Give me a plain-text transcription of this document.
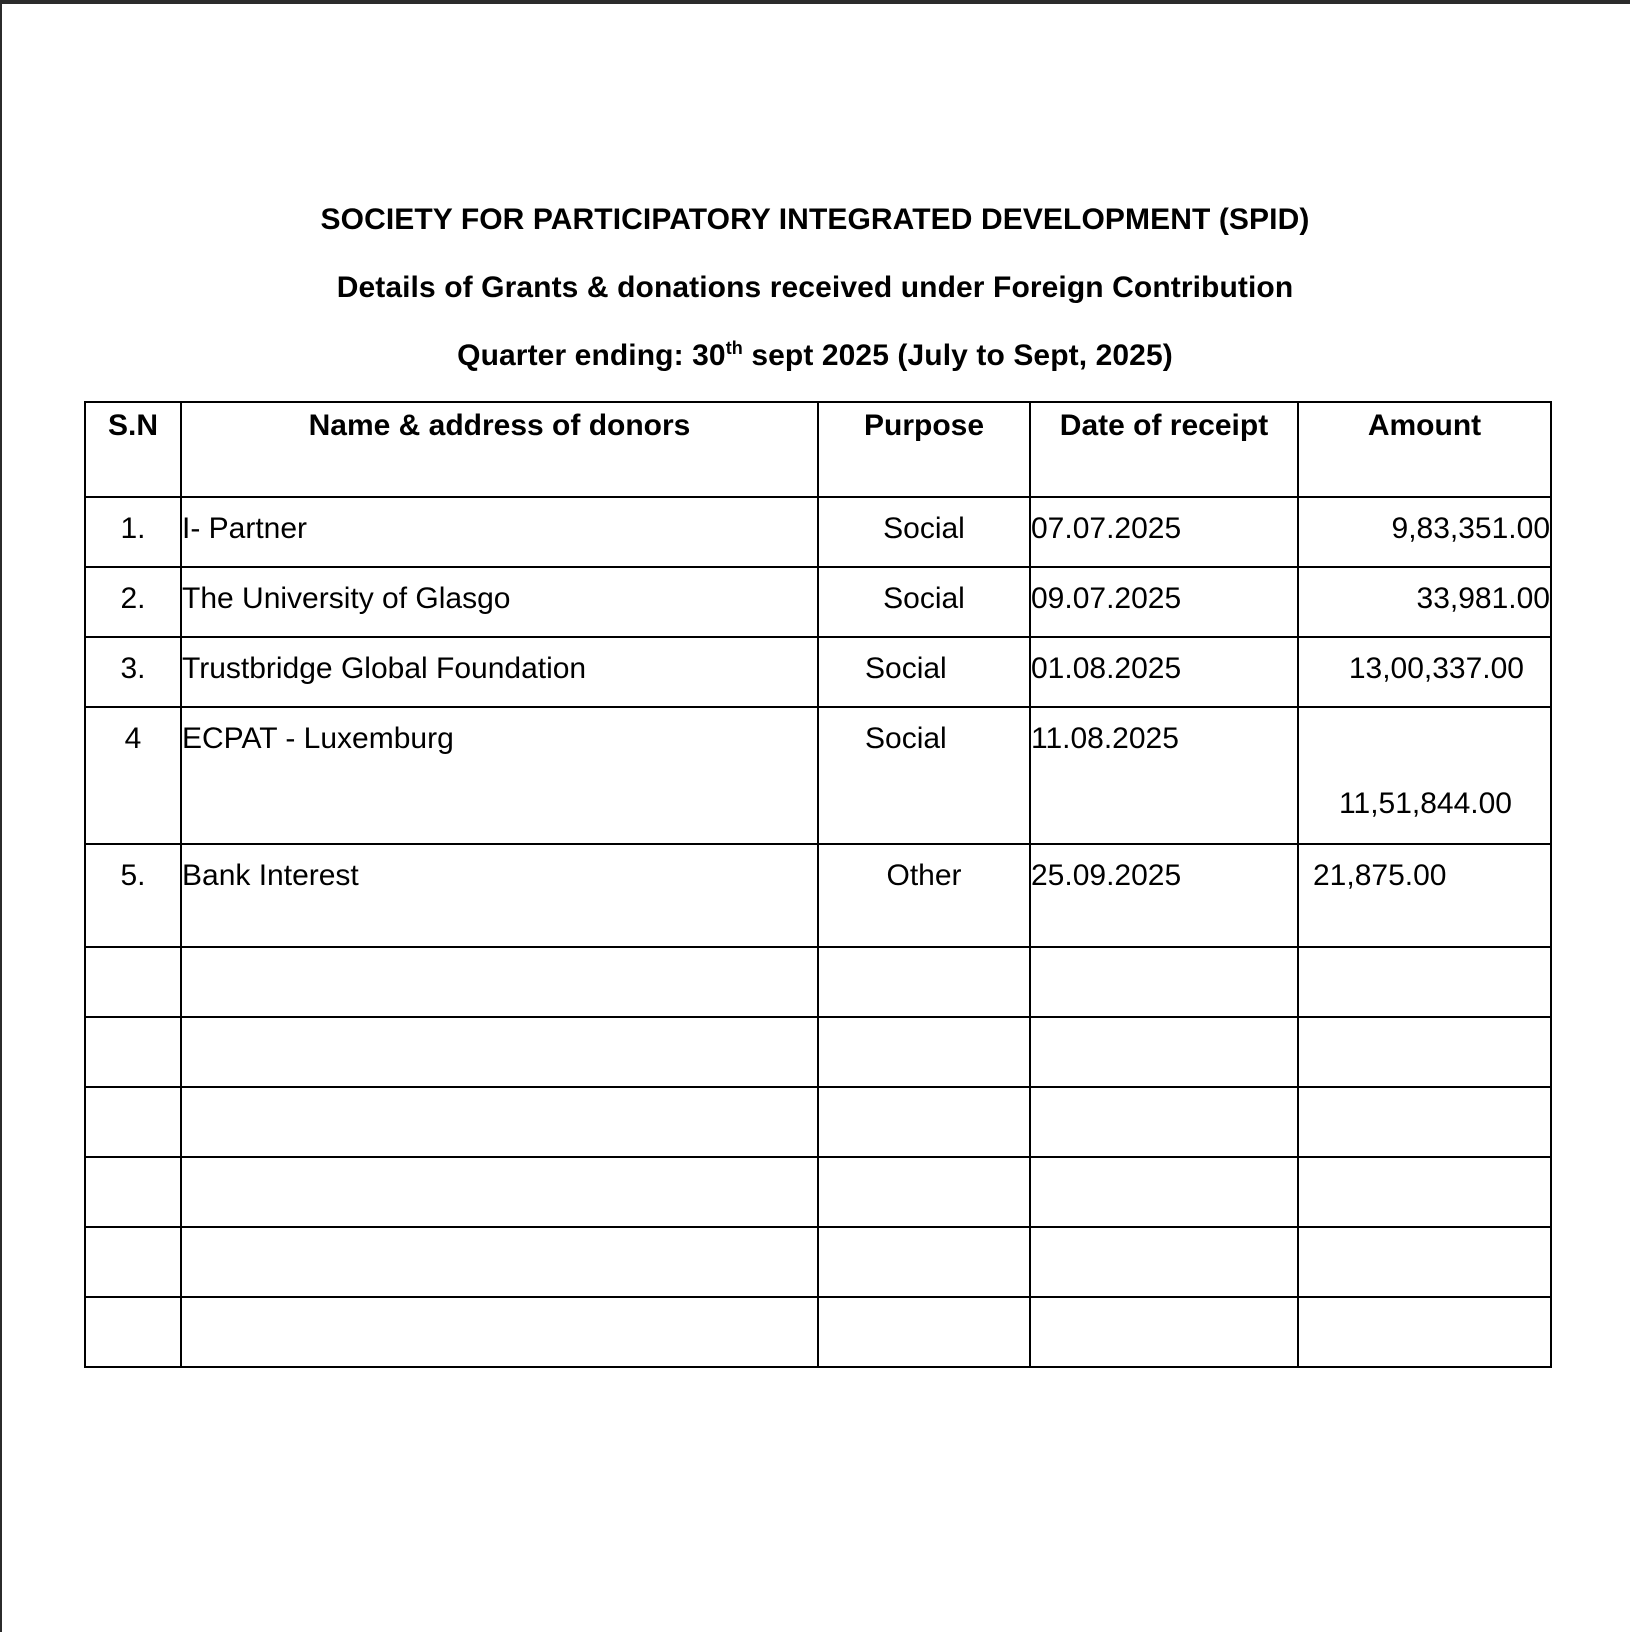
SOCIETY FOR PARTICIPATORY INTEGRATED DEVELOPMENT (SPID)
Details of Grants & donations received under Foreign Contribution
Quarter ending: 30th sept 2025 (July to Sept, 2025)
S.N	Name & address of donors	Purpose	Date of receipt	Amount
1.	I- Partner	Social	07.07.2025	9,83,351.00
2.	The University of Glasgo	Social	09.07.2025	33,981.00
3.	Trustbridge Global Foundation	Social	01.08.2025	13,00,337.00
4	ECPAT - Luxemburg	Social	11.08.2025	11,51,844.00
5.	Bank Interest	Other	25.09.2025	21,875.00
